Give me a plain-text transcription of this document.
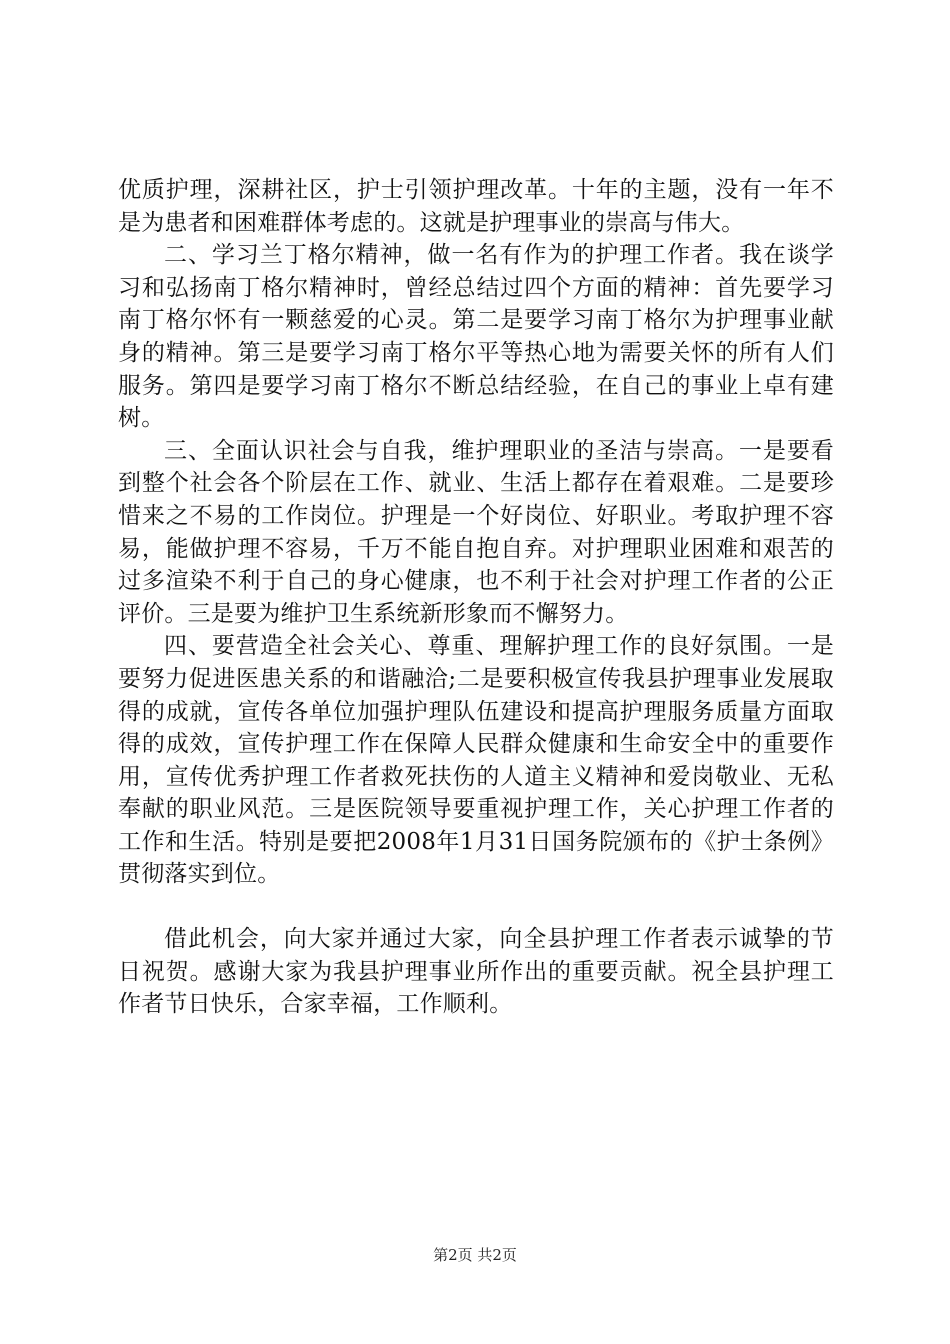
优质护理，深耕社区，护士引领护理改革。十年的主题，没有一年不是为患者和困难群体考虑的。这就是护理事业的崇高与伟大。

二、学习兰丁格尔精神，做一名有作为的护理工作者。我在谈学习和弘扬南丁格尔精神时，曾经总结过四个方面的精神：首先要学习南丁格尔怀有一颗慈爱的心灵。第二是要学习南丁格尔为护理事业献身的精神。第三是要学习南丁格尔平等热心地为需要关怀的所有人们服务。第四是要学习南丁格尔不断总结经验，在自己的事业上卓有建树。

三、全面认识社会与自我，维护理职业的圣洁与崇高。一是要看到整个社会各个阶层在工作、就业、生活上都存在着艰难。二是要珍惜来之不易的工作岗位。护理是一个好岗位、好职业。考取护理不容易，能做护理不容易，千万不能自抱自弃。对护理职业困难和艰苦的过多渲染不利于自己的身心健康，也不利于社会对护理工作者的公正评价。三是要为维护卫生系统新形象而不懈努力。

四、要营造全社会关心、尊重、理解护理工作的良好氛围。一是要努力促进医患关系的和谐融洽;二是要积极宣传我县护理事业发展取得的成就，宣传各单位加强护理队伍建设和提高护理服务质量方面取得的成效，宣传护理工作在保障人民群众健康和生命安全中的重要作用，宣传优秀护理工作者救死扶伤的人道主义精神和爱岗敬业、无私奉献的职业风范。三是医院领导要重视护理工作，关心护理工作者的工作和生活。特别是要把2008年1月31日国务院颁布的《护士条例》贯彻落实到位。

借此机会，向大家并通过大家，向全县护理工作者表示诚挚的节日祝贺。感谢大家为我县护理事业所作出的重要贡献。祝全县护理工作者节日快乐，合家幸福，工作顺利。

第2页 共2页
